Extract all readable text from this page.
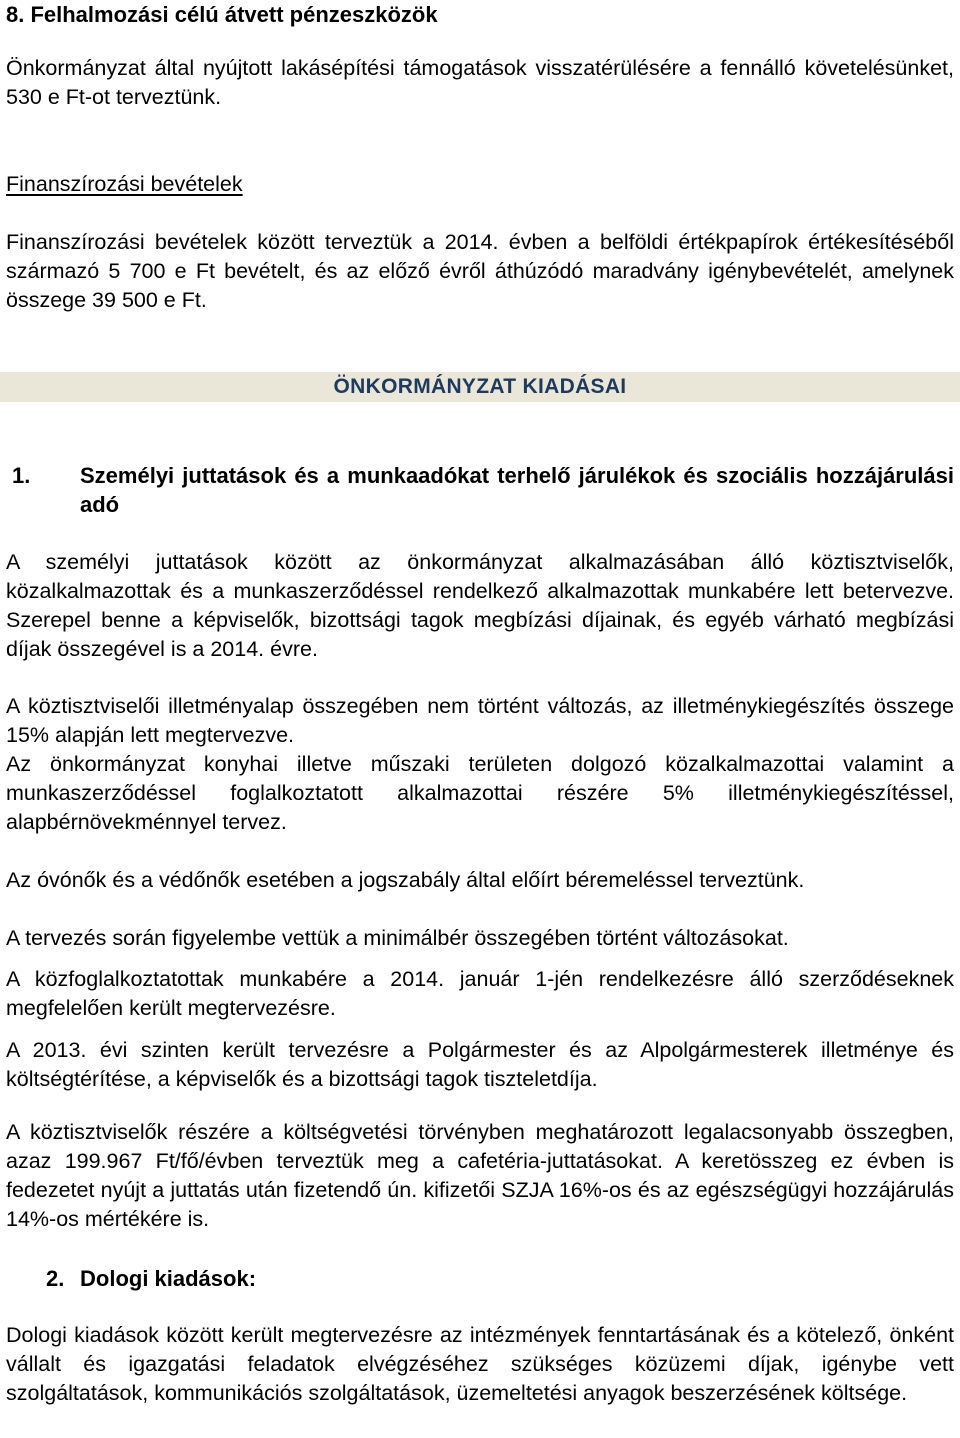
8. Felhalmozási célú átvett pénzeszközök

Önkormányzat által nyújtott lakásépítési támogatások visszatérülésére a fennálló követelésünket, 530 e Ft-ot terveztünk.

Finanszírozási bevételek

Finanszírozási bevételek között terveztük a 2014. évben a belföldi értékpapírok értékesítéséből származó 5 700 e Ft bevételt, és az előző évről áthúzódó maradvány igénybevételét, amelynek összege 39 500 e Ft.

ÖNKORMÁNYZAT KIADÁSAI
1. Személyi juttatások és a munkaadókat terhelő járulékok és szociális hozzájárulási adó

A személyi juttatások között az önkormányzat alkalmazásában álló köztisztviselők, közalkalmazottak és a munkaszerződéssel rendelkező alkalmazottak munkabére lett betervezve. Szerepel benne a képviselők, bizottsági tagok megbízási díjainak, és egyéb várható megbízási díjak összegével is a 2014. évre.

A köztisztviselői illetményalap összegében nem történt változás, az illetménykiegészítés összege 15% alapján lett megtervezve.

Az önkormányzat konyhai illetve műszaki területen dolgozó közalkalmazottai valamint a munkaszerződéssel foglalkoztatott alkalmazottai részére 5% illetménykiegészítéssel, alapbérnövekménnyel tervez.

Az óvónők és a védőnők esetében a jogszabály által előírt béremeléssel terveztünk.

A tervezés során figyelembe vettük a minimálbér összegében történt változásokat.

A közfoglalkoztatottak munkabére a 2014. január 1-jén rendelkezésre álló szerződéseknek megfelelően került megtervezésre.

A 2013. évi szinten került tervezésre a Polgármester és az Alpolgármesterek illetménye és költségtérítése, a képviselők és a bizottsági tagok tiszteletdíja.

A köztisztviselők részére a költségvetési törvényben meghatározott legalacsonyabb összegben, azaz 199.967 Ft/fő/évben terveztük meg a cafetéria-juttatásokat. A keretösszeg ez évben is fedezetet nyújt a juttatás után fizetendő ún. kifizetői SZJA 16%-os és az egészségügyi hozzájárulás 14%-os mértékére is.

2. Dologi kiadások:

Dologi kiadások között került megtervezésre az intézmények fenntartásának és a kötelező, önként vállalt és igazgatási feladatok elvégzéséhez szükséges közüzemi díjak, igénybe vett szolgáltatások, kommunikációs szolgáltatások, üzemeltetési anyagok beszerzésének költsége.
